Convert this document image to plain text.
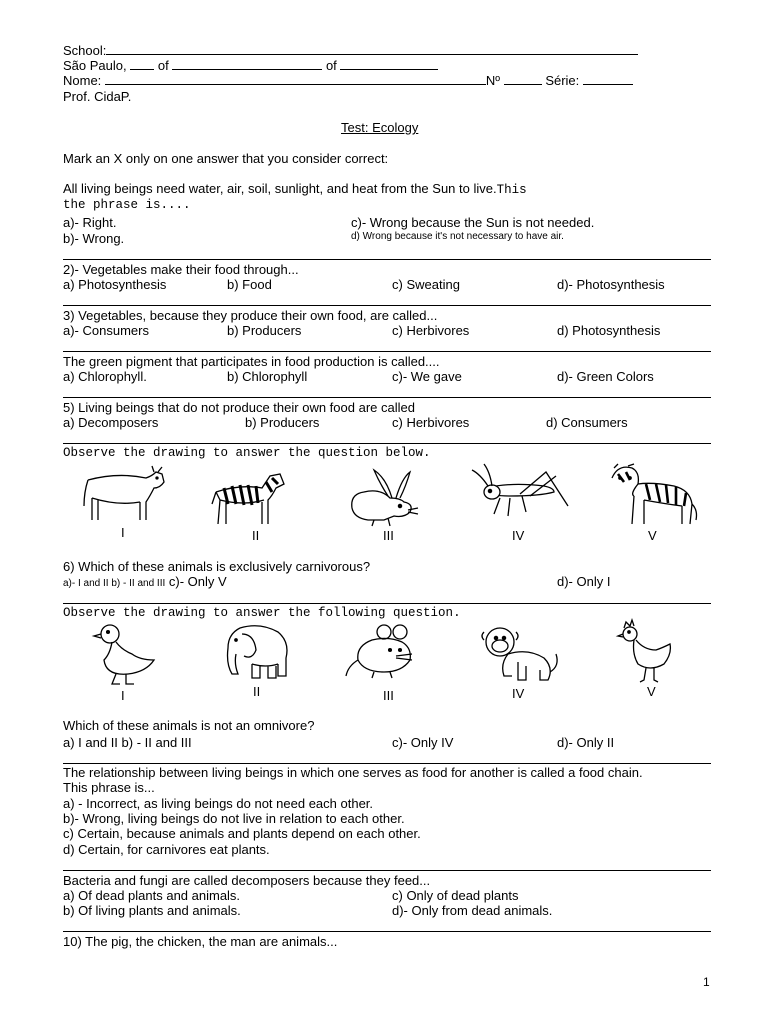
School:
São Paulo, of	of
Nome:	Nº	Série:
Prof. CidaP.
Test: Ecology
Mark an X only on one answer that you consider correct:
All living beings need water, air, soil, sunlight, and heat from the Sun to live.This
the phrase is....
a)- Right.	c)- Wrong because the Sun is not needed.
b)- Wrong.	d) Wrong because it's not necessary to have air.
2)- Vegetables make their food through...
a) Photosynthesis	b) Food	c) Sweating	d)- Photosynthesis
3) Vegetables, because they produce their own food, are called...
a)- Consumers	b) Producers	c) Herbivores	d) Photosynthesis
The green pigment that participates in food production is called....
a) Chlorophyll.	b) Chlorophyll	c)- We gave	d)- Green Colors
5) Living beings that do not produce their own food are called
a) Decomposers	b) Producers	c) Herbivores	d) Consumers
Observe the drawing to answer the question below.
I	II	III	IV	V
6) Which of these animals is exclusively carnivorous?
a)- I and II b) - II and III c)- Only V	d)- Only I
Observe the drawing to answer the following question.
I	II	III	IV	V
Which of these animals is not an omnivore?
a) I and II b) - II and III	c)- Only IV	d)- Only II
The relationship between living beings in which one serves as food for another is called a food chain.
This phrase is...
a) - Incorrect, as living beings do not need each other.
b)- Wrong, living beings do not live in relation to each other.
c) Certain, because animals and plants depend on each other.
d) Certain, for carnivores eat plants.
Bacteria and fungi are called decomposers because they feed...
a) Of dead plants and animals.	c) Only of dead plants
b) Of living plants and animals.	d)- Only from dead animals.
10) The pig, the chicken, the man are animals...
1
